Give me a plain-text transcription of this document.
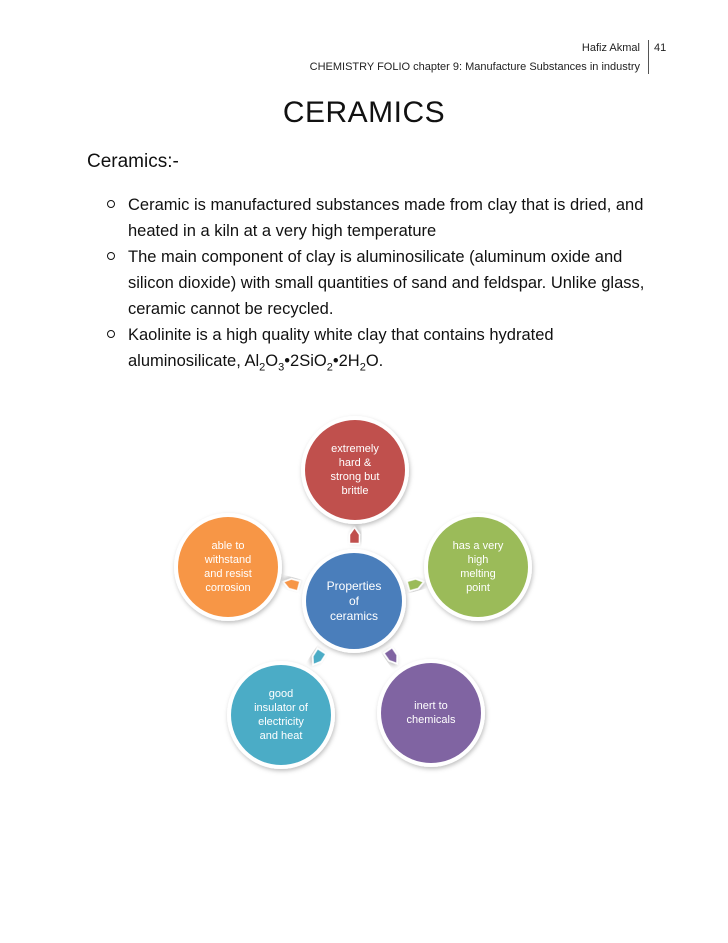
Hafiz Akmal
CHEMISTRY FOLIO chapter 9: Manufacture Substances in industry
41
CERAMICS
Ceramics:-
Ceramic is manufactured substances made from clay that is dried, and heated in a kiln at a very high temperature
The main component of clay is aluminosilicate (aluminum oxide and silicon dioxide) with small quantities of sand and feldspar. Unlike glass, ceramic cannot be recycled.
Kaolinite is a high quality white clay that contains hydrated
aluminosilicate, $Al_2O_3•2SiO_2•2H_2O$.
extremely
hard &
strong but
brittle
has a very
high
melting
point
inert to
chemicals
good
insulator of
electricity
and heat
able to
withstand
and resist
corrosion	Properties
of
ceramics
